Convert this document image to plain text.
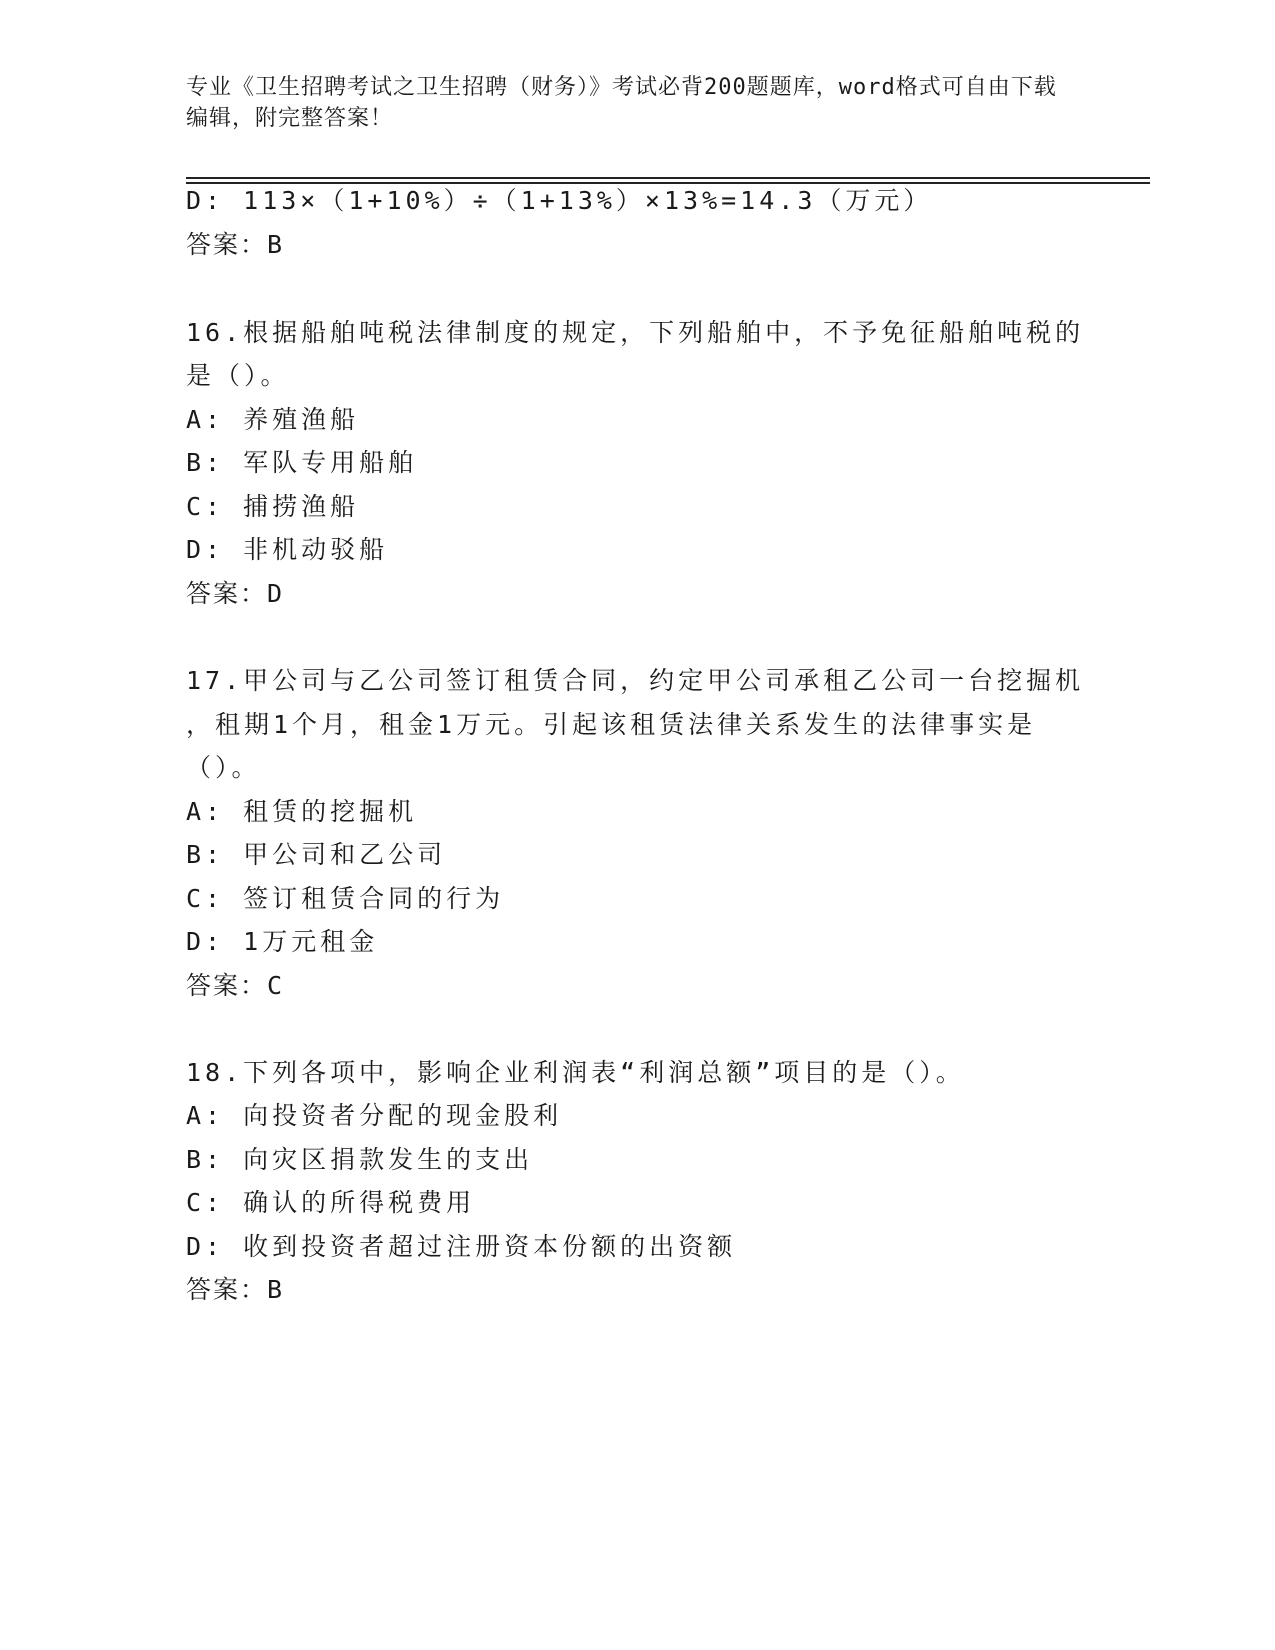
专业《卫生招聘考试之卫生招聘（财务）》考试必背200题题库，word格式可自由下载编辑，附完整答案！
D: 113×（1+10%）÷（1+13%）×13%=14.3（万元）
答案：B
16.根据船舶吨税法律制度的规定，下列船舶中，不予免征船舶吨税的
是（）。
A: 养殖渔船
B: 军队专用船舶
C: 捕捞渔船
D: 非机动驳船
答案：D
17.甲公司与乙公司签订租赁合同，约定甲公司承租乙公司一台挖掘机
，租期1个月，租金1万元。引起该租赁法律关系发生的法律事实是
（）。
A: 租赁的挖掘机
B: 甲公司和乙公司
C: 签订租赁合同的行为
D: 1万元租金
答案：C
18.下列各项中，影响企业利润表“利润总额”项目的是（）。
A: 向投资者分配的现金股利
B: 向灾区捐款发生的支出
C: 确认的所得税费用
D: 收到投资者超过注册资本份额的出资额
答案：B
